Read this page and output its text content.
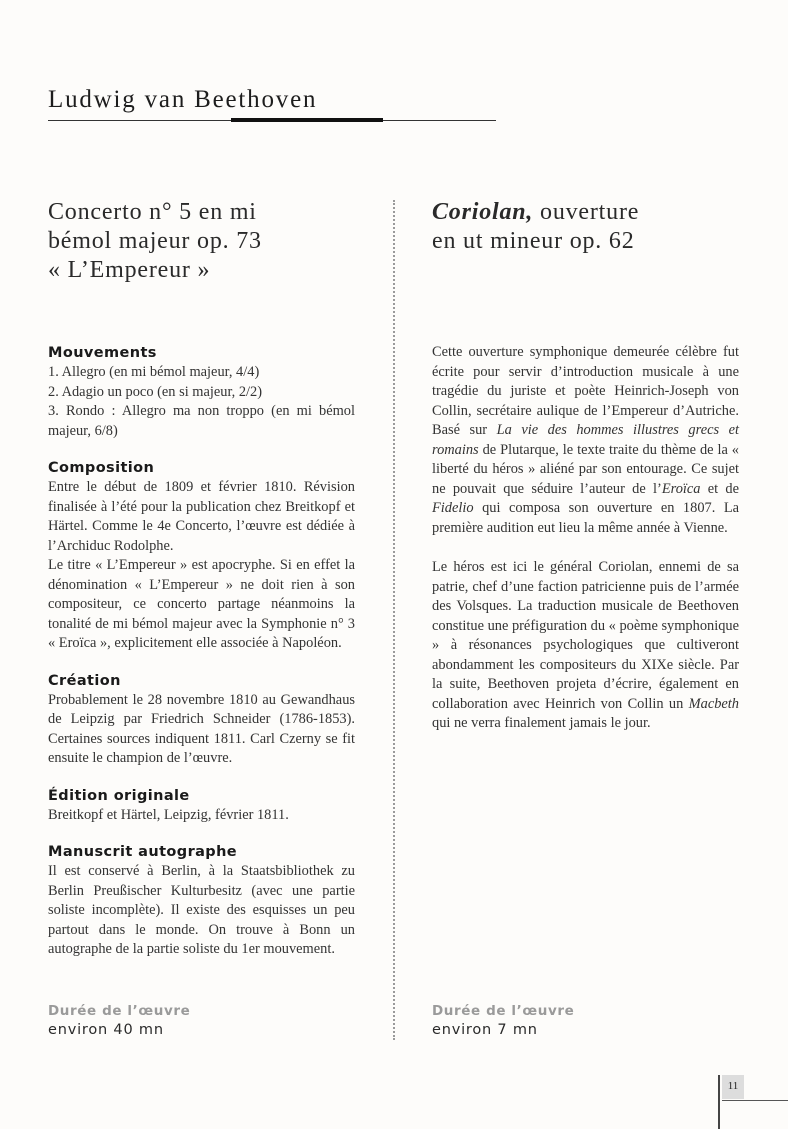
Ludwig van Beethoven
Concerto n° 5 en mi
bémol majeur op. 73
« L’Empereur »
Coriolan, ouverture
en ut mineur op. 62
Mouvements
1. Allegro (en mi bémol majeur, 4/4)
2. Adagio un poco (en si majeur, 2/2)
3. Rondo : Allegro ma non troppo (en mi bémol majeur, 6/8)
Composition

Entre le début de 1809 et février 1810. Révision finalisée à l’été pour la publication chez Breitkopf et Härtel. Comme le 4e Concerto, l’œuvre est dédiée à l’Archiduc Rodolphe.

Le titre « L’Empereur » est apocryphe. Si en effet la dénomination « L’Empereur » ne doit rien à son compositeur, ce concerto partage néanmoins la tonalité de mi bémol majeur avec la Symphonie n° 3 « Eroïca », explicitement elle associée à Napoléon.

Création

Probablement le 28 novembre 1810 au Gewandhaus de Leipzig par Friedrich Schneider (1786-1853). Certaines sources indiquent 1811. Carl Czerny se fit ensuite le champion de l’œuvre.

Édition originale

Breitkopf et Härtel, Leipzig, février 1811.

Manuscrit autographe

Il est conservé à Berlin, à la Staatsbibliothek zu Berlin Preußischer Kulturbesitz (avec une partie soliste incomplète). Il existe des esquisses un peu partout dans le monde. On trouve à Bonn un autographe de la partie soliste du 1er mouvement.

Cette ouverture symphonique demeurée célèbre fut écrite pour servir d’introduction musicale à une tragédie du juriste et poète Heinrich-Joseph von Collin, secrétaire aulique de l’Empereur d’Autriche. Basé sur La vie des hommes illustres grecs et romains de Plutarque, le texte traite du thème de la « liberté du héros » aliéné par son entourage. Ce sujet ne pouvait que séduire l’auteur de l’Eroïca et de Fidelio qui composa son ouverture en 1807. La première audition eut lieu la même année à Vienne.

Le héros est ici le général Coriolan, ennemi de sa patrie, chef d’une faction patricienne puis de l’armée des Volsques. La traduction musicale de Beethoven constitue une préfiguration du « poème symphonique » à résonances psychologiques que cultiveront abondamment les compositeurs du XIXe siècle. Par la suite, Beethoven projeta d’écrire, également en collaboration avec Heinrich von Collin un Macbeth qui ne verra finalement jamais le jour.

Durée de l’œuvre

environ 40 mn

Durée de l’œuvre

environ 7 mn

11
